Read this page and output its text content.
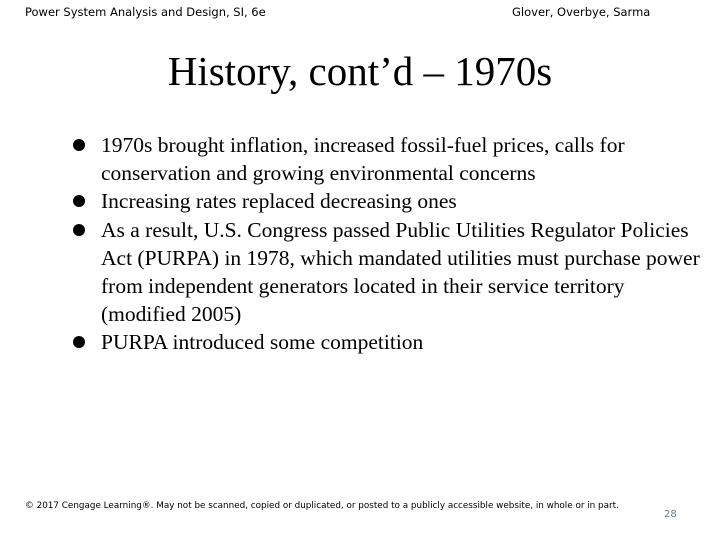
Power System Analysis and Design, SI, 6e	Glover, Overbye, Sarma
History, cont’d – 1970s
1970s brought inflation, increased fossil-fuel prices, calls for conservation and growing environmental concerns
Increasing rates replaced decreasing ones
As a result, U.S. Congress passed Public Utilities Regulator Policies Act (PURPA) in 1978, which mandated utilities must purchase power from independent generators located in their service territory (modified 2005)
PURPA introduced some competition
© 2017 Cengage Learning®. May not be scanned, copied or duplicated, or posted to a publicly accessible website, in whole or in part.
28
